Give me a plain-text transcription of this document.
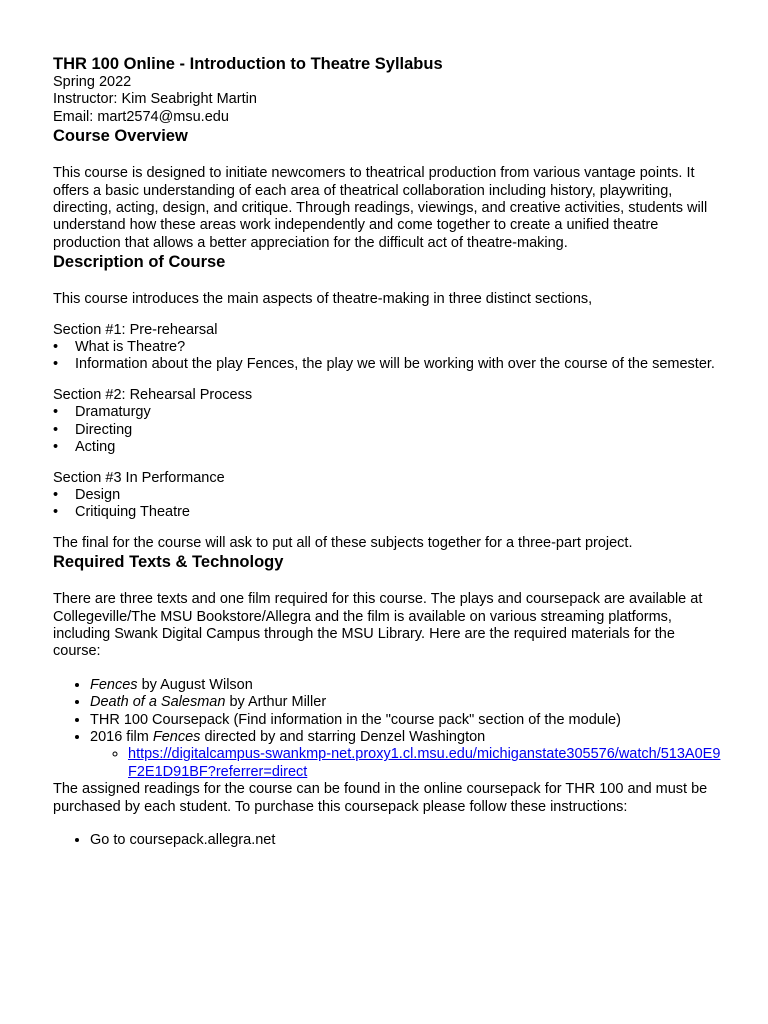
THR 100 Online - Introduction to Theatre Syllabus

Spring 2022

Instructor: Kim Seabright Martin

Email: mart2574@msu.edu

Course Overview

This course is designed to initiate newcomers to theatrical production from various vantage points. It offers a basic understanding of each area of theatrical collaboration including history, playwriting, directing, acting, design, and critique. Through readings, viewings, and creative activities, students will understand how these areas work independently and come together to create a unified theatre production that allows a better appreciation for the difficult act of theatre-making.

Description of Course

This course introduces the main aspects of theatre-making in three distinct sections,

Section #1: Pre-rehearsal
• What is Theatre?
• Information about the play Fences, the play we will be working with over the course of the semester.
Section #2: Rehearsal Process
• Dramaturgy
• Directing
• Acting
Section #3 In Performance
• Design
• Critiquing Theatre

The final for the course will ask to put all of these subjects together for a three-part project.

Required Texts & Technology

There are three texts and one film required for this course. The plays and coursepack are available at Collegeville/The MSU Bookstore/Allegra and the film is available on various streaming platforms, including Swank Digital Campus through the MSU Library. Here are the required materials for the course:

• Fences by August Wilson
• Death of a Salesman by Arthur Miller
• THR 100 Coursepack (Find information in the "course pack" section of the module)
• 2016 film Fences directed by and starring Denzel Washington
◦ https://digitalcampus-swankmp-net.proxy1.cl.msu.edu/michiganstate305576/watch/513A0E9F2E1D91BF?referrer=direct

The assigned readings for the course can be found in the online coursepack for THR 100 and must be purchased by each student. To purchase this coursepack please follow these instructions:

• Go to coursepack.allegra.net
